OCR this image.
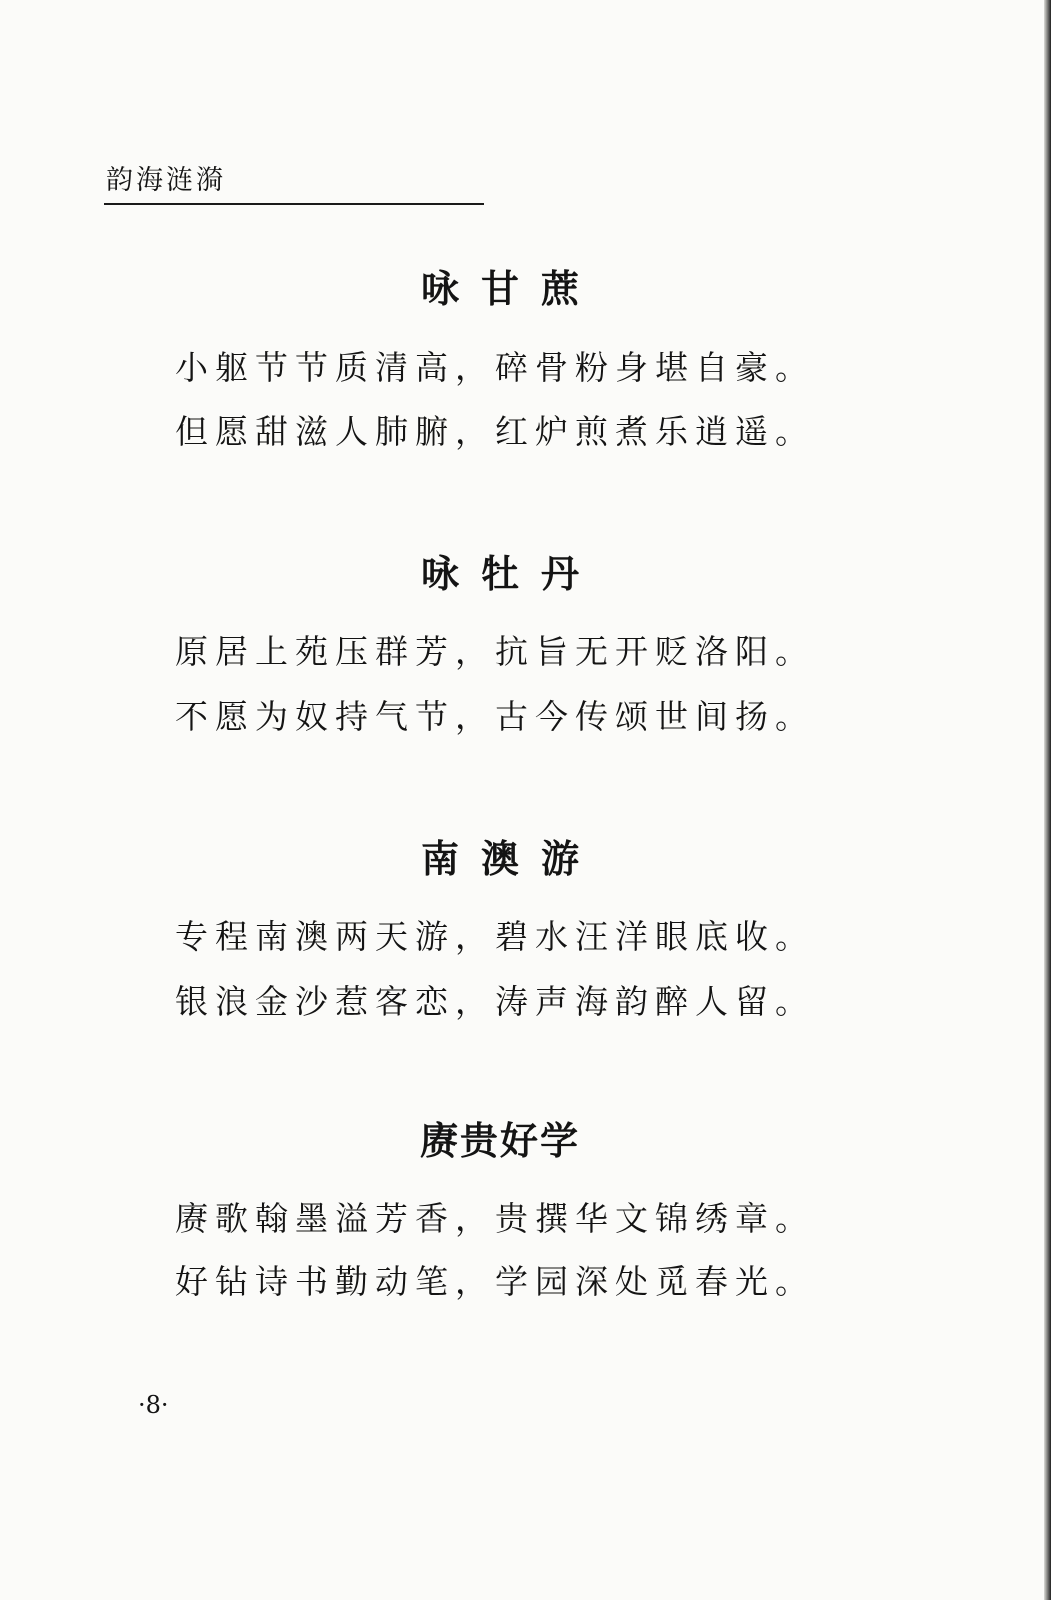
韵海涟漪
咏甘蔗
小躯节节质清高，碎骨粉身堪自豪。
但愿甜滋人肺腑，红炉煎煮乐逍遥。
咏牡丹
原居上苑压群芳，抗旨无开贬洛阳。
不愿为奴持气节，古今传颂世间扬。
南澳游
专程南澳两天游，碧水汪洋眼底收。
银浪金沙惹客恋，涛声海韵醉人留。
赓贵好学
赓歌翰墨溢芳香，贵撰华文锦绣章。
好钻诗书勤动笔，学园深处觅春光。
·8·
